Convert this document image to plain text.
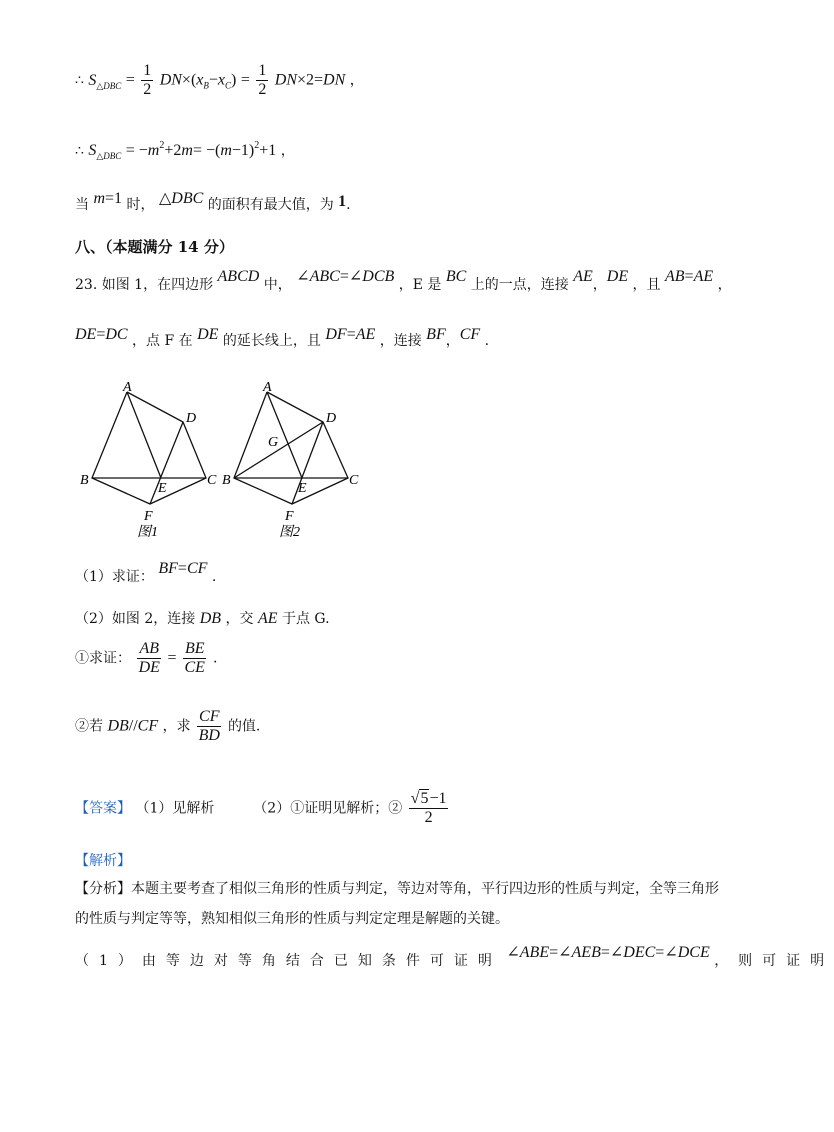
∴ $S_{\triangle DBC} = \frac{1}{2} DN\times(x_B-x_C) = \frac{1}{2} DN\times 2=DN$ ，
∴ $S_{\triangle DBC} = -m^2+2m= -(m-1)^2+1$ ，
当 m=1 时， △DBC 的面积有最大值，为 1.
八、（本题满分 14 分）
23. 如图 1，在四边形 ABCD 中， ∠ABC=∠DCB ，E 是 BC 上的一点，连接 AE，DE ，且 AB=AE ，
DE=DC ，点 F 在 DE 的延长线上，且 DF=AE ，连接 BF，CF .
A
D
B	C
E
F
图1
A
D
G
B	C
E
F
图2
（1）求证： BF=CF .
（2）如图 2，连接 DB ，交 AE 于点 G.
①求证： $\frac{AB}{DE} = \frac{BE}{CE}$ .
②若 DB//CF ，求 $\frac{CF}{BD}$ 的值.
【答案】 （1）见解析	（2）①证明见解析；② $\frac{√5-1}{2}$
【解析】
【分析】本题主要考查了相似三角形的性质与判定，等边对等角，平行四边形的性质与判定，全等三角形
的性质与判定等等，熟知相似三角形的性质与判定定理是解题的关键。
（1）由等边对等角结合已知条件可证明 ∠ABE=∠AEB=∠DEC=∠DCE ，则可证明
